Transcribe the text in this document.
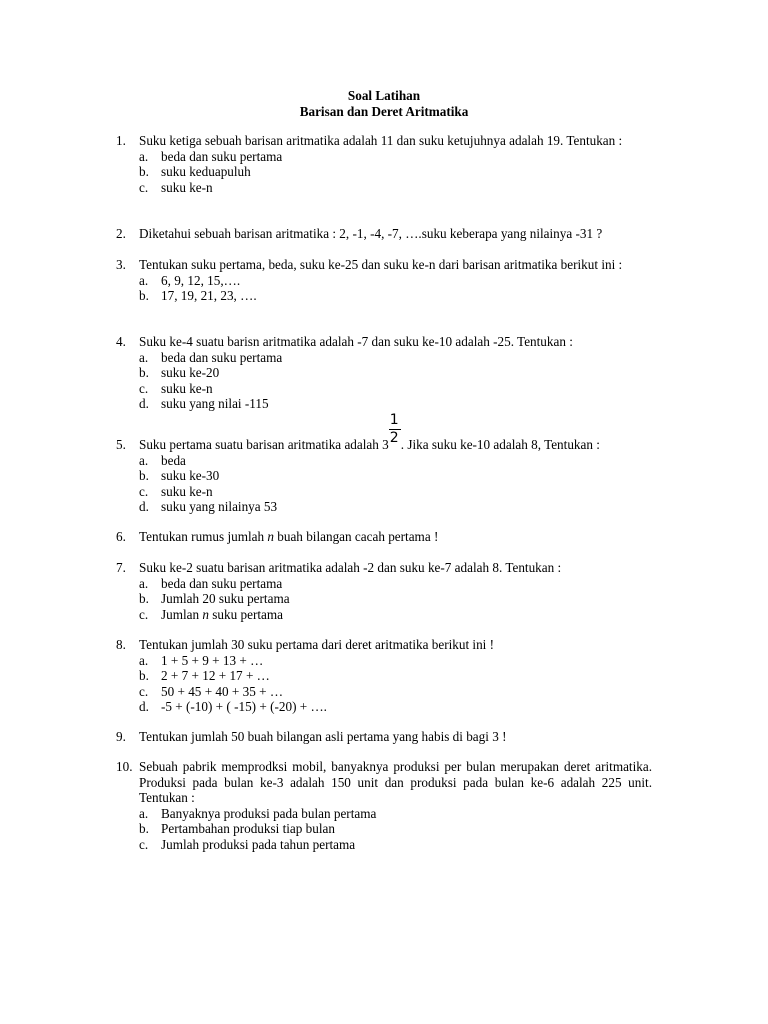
Soal Latihan
Barisan dan Deret Aritmatika
1. Suku ketiga sebuah barisan aritmatika adalah 11 dan suku ketujuhnya adalah 19. Tentukan :
a. beda dan suku pertama
b. suku keduapuluh
c. suku ke-n
2. Diketahui sebuah barisan aritmatika : 2, -1, -4, -7, ….suku keberapa yang nilainya -31 ?
3. Tentukan suku pertama, beda, suku ke-25 dan suku ke-n dari barisan aritmatika berikut ini :
a. 6, 9, 12, 15,….
b. 17, 19, 21, 23, ….
4. Suku ke-4 suatu barisn aritmatika adalah -7 dan suku ke-10 adalah -25. Tentukan :
a. beda dan suku pertama
b. suku ke-20
c. suku ke-n
d. suku yang nilai -115
5. Suku pertama suatu barisan aritmatika adalah $3 \frac{1}{2}$ . Jika suku ke-10 adalah 8, Tentukan :
a. beda
b. suku ke-30
c. suku ke-n
d. suku yang nilainya 53
6. Tentukan rumus jumlah n buah bilangan cacah pertama !
7. Suku ke-2 suatu barisan aritmatika adalah -2 dan suku ke-7 adalah 8. Tentukan :
a. beda dan suku pertama
b. Jumlah 20 suku pertama
c. Jumlan n suku pertama
8. Tentukan jumlah 30 suku pertama dari deret aritmatika berikut ini !
a. 1 + 5 + 9 + 13 + …
b. 2 + 7 + 12 + 17 + …
c. 50 + 45 + 40 + 35 + …
d. -5 + (-10) + ( -15) + (-20) + ….
9. Tentukan jumlah 50 buah bilangan asli pertama yang habis di bagi 3 !
10. Sebuah pabrik memprodksi mobil, banyaknya produksi per bulan merupakan deret aritmatika. Produksi pada bulan ke-3 adalah 150 unit dan produksi pada bulan ke-6 adalah 225 unit. Tentukan :
a. Banyaknya produksi pada bulan pertama
b. Pertambahan produksi tiap bulan
c. Jumlah produksi pada tahun pertama
